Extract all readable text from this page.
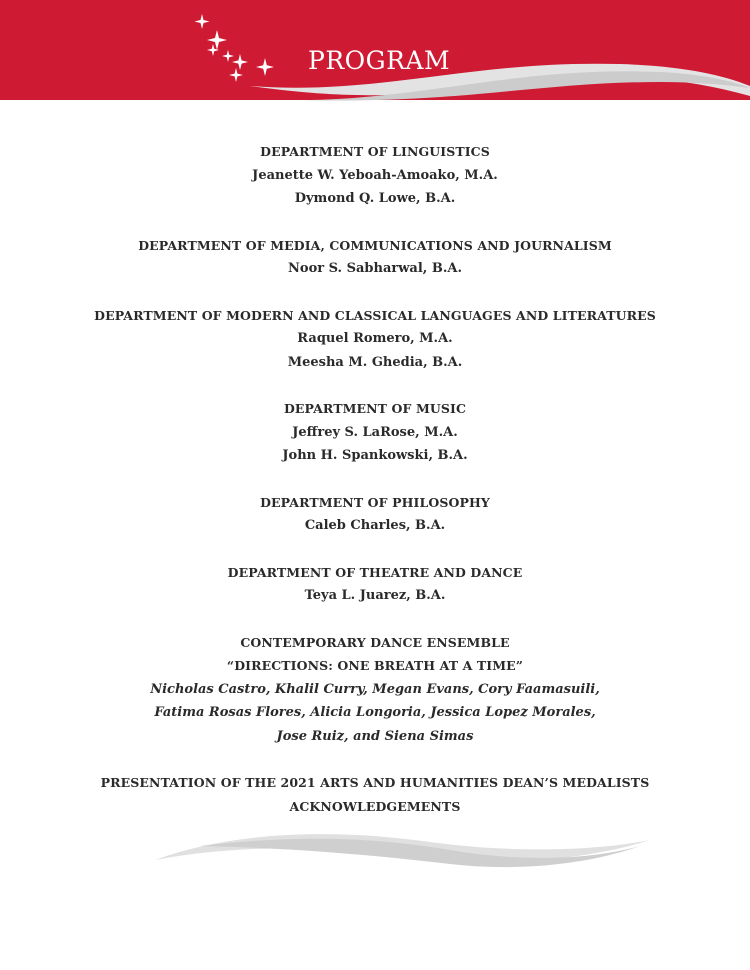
PROGRAM
DEPARTMENT OF LINGUISTICS
Jeanette W. Yeboah-Amoako, M.A.
Dymond Q. Lowe, B.A.
DEPARTMENT OF MEDIA, COMMUNICATIONS AND JOURNALISM
Noor S. Sabharwal, B.A.
DEPARTMENT OF MODERN AND CLASSICAL LANGUAGES AND LITERATURES
Raquel Romero, M.A.
Meesha M. Ghedia, B.A.
DEPARTMENT OF MUSIC
Jeffrey S. LaRose, M.A.
John H. Spankowski, B.A.
DEPARTMENT OF PHILOSOPHY
Caleb Charles, B.A.
DEPARTMENT OF THEATRE AND DANCE
Teya L. Juarez, B.A.
CONTEMPORARY DANCE ENSEMBLE
“DIRECTIONS: ONE BREATH AT A TIME”
Nicholas Castro, Khalil Curry, Megan Evans, Cory Faamasuili,
Fatima Rosas Flores, Alicia Longoria, Jessica Lopez Morales,
Jose Ruiz, and Siena Simas
PRESENTATION OF THE 2021 ARTS AND HUMANITIES DEAN’S MEDALISTS
ACKNOWLEDGEMENTS
